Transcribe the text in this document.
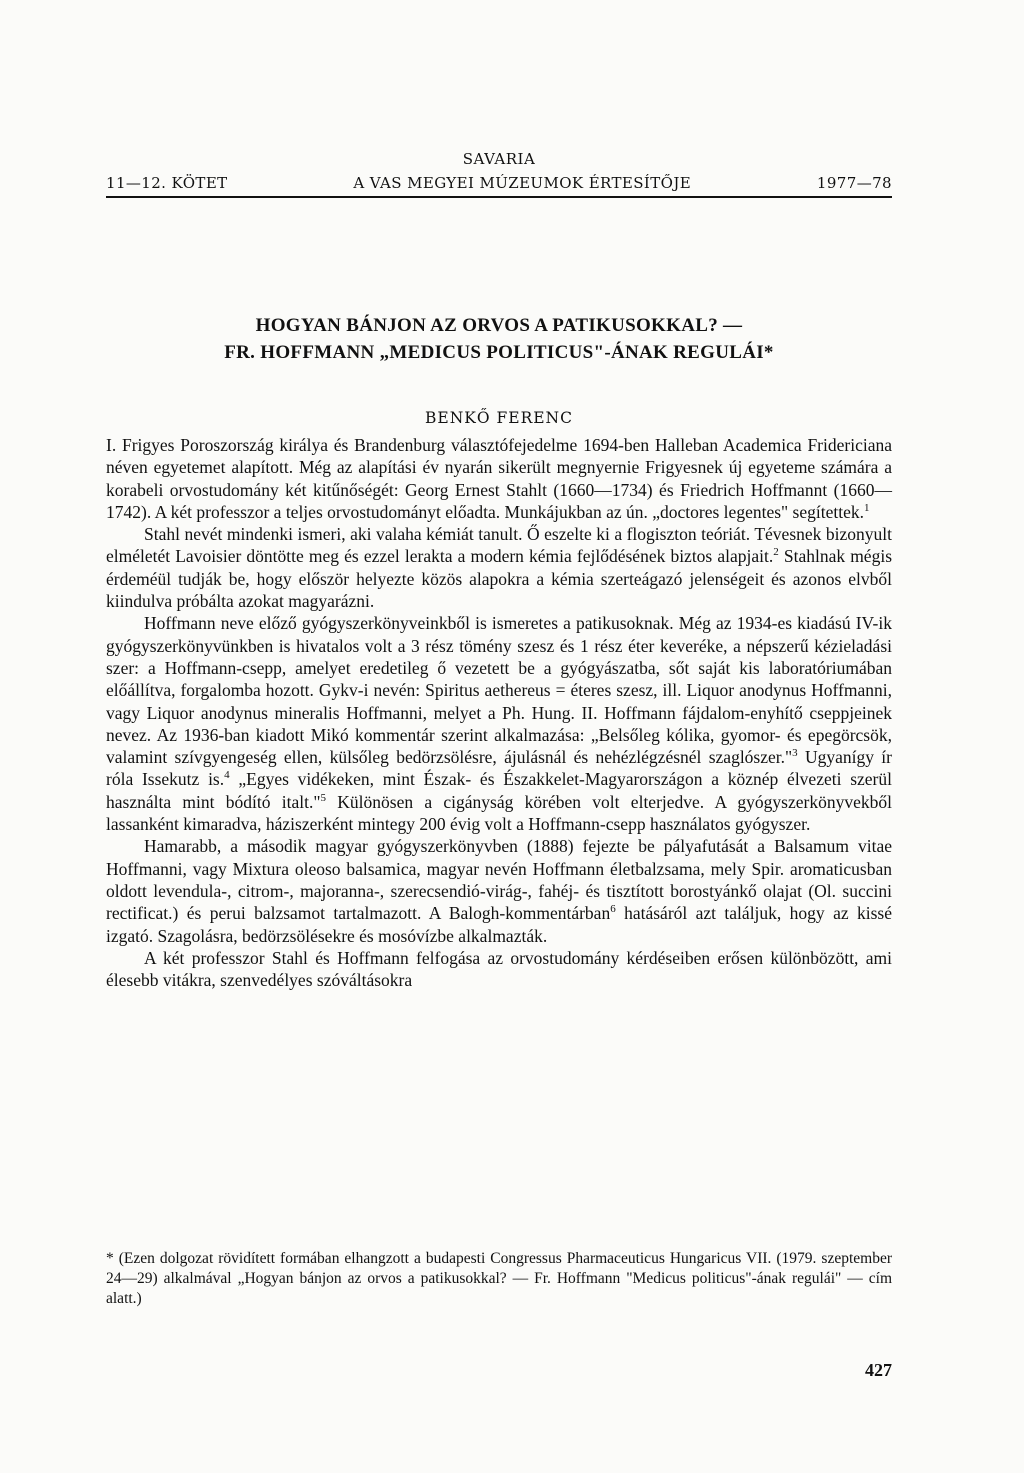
SAVARIA
11—12. KÖTET	A VAS MEGYEI MÚZEUMOK ÉRTESÍTŐJE	1977—78
HOGYAN BÁNJON AZ ORVOS A PATIKUSOKKAL? —
FR. HOFFMANN „MEDICUS POLITICUS"-ÁNAK REGULÁI*
BENKŐ FERENC

I. Frigyes Poroszország királya és Brandenburg választófejedelme 1694-ben Halleban Academica Fridericiana néven egyetemet alapított. Még az alapítási év nyarán sikerült megnyernie Frigyesnek új egyeteme számára a korabeli orvostudomány két kitűnőségét: Georg Ernest Stahlt (1660—1734) és Friedrich Hoffmannt (1660—1742). A két professzor a teljes orvostudományt előadta. Munkájukban az ún. „doctores legentes" segítettek.$^1$

Stahl nevét mindenki ismeri, aki valaha kémiát tanult. Ő eszelte ki a flogiszton teóriát. Tévesnek bizonyult elméletét Lavoisier döntötte meg és ezzel lerakta a modern kémia fejlődésének biztos alapjait.$^2$ Stahlnak mégis érdeméül tudják be, hogy először helyezte közös alapokra a kémia szerteágazó jelenségeit és azonos elvből kiindulva próbálta azokat magyarázni.

Hoffmann neve előző gyógyszerkönyveinkből is ismeretes a patikusoknak. Még az 1934-es kiadású IV-ik gyógyszerkönyvünkben is hivatalos volt a 3 rész tömény szesz és 1 rész éter keveréke, a népszerű kézieladási szer: a Hoffmann-csepp, amelyet eredetileg ő vezetett be a gyógyászatba, sőt saját kis laboratóriumában előállítva, forgalomba hozott. Gykv-i nevén: Spiritus aethereus = éteres szesz, ill. Liquor anodynus Hoffmanni, vagy Liquor anodynus mineralis Hoffmanni, melyet a Ph. Hung. II. Hoffmann fájdalom-enyhítő cseppjeinek nevez. Az 1936-ban kiadott Mikó kommentár szerint alkalmazása: „Belsőleg kólika, gyomor- és epegörcsök, valamint szívgyengeség ellen, külsőleg bedörzsölésre, ájulásnál és nehézlégzésnél szaglószer."$^3$ Ugyanígy ír róla Issekutz is.$^4$ „Egyes vidékeken, mint Észak- és Északkelet-Magyarországon a köznép élvezeti szerül használta mint bódító italt."$^5$ Különösen a cigányság körében volt elterjedve. A gyógyszerkönyvekből lassanként kimaradva, háziszerként mintegy 200 évig volt a Hoffmann-csepp használatos gyógyszer.

Hamarabb, a második magyar gyógyszerkönyvben (1888) fejezte be pályafutását a Balsamum vitae Hoffmanni, vagy Mixtura oleoso balsamica, magyar nevén Hoffmann életbalzsama, mely Spir. aromaticusban oldott levendula-, citrom-, majoranna-, szerecsendió-virág-, fahéj- és tisztított borostyánkő olajat (Ol. succini rectificat.) és perui balzsamot tartalmazott. A Balogh-kommentárban$^6$ hatásáról azt találjuk, hogy az kissé izgató. Szagolásra, bedörzsölésekre és mosóvízbe alkalmazták.

A két professzor Stahl és Hoffmann felfogása az orvostudomány kérdéseiben erősen különbözött, ami élesebb vitákra, szenvedélyes szóváltásokra

* (Ezen dolgozat rövidített formában elhangzott a budapesti Congressus Pharmaceuticus Hungaricus VII. (1979. szeptember 24—29) alkalmával „Hogyan bánjon az orvos a patikusokkal? — Fr. Hoffmann "Medicus politicus"-ának regulái" — cím alatt.)

427
